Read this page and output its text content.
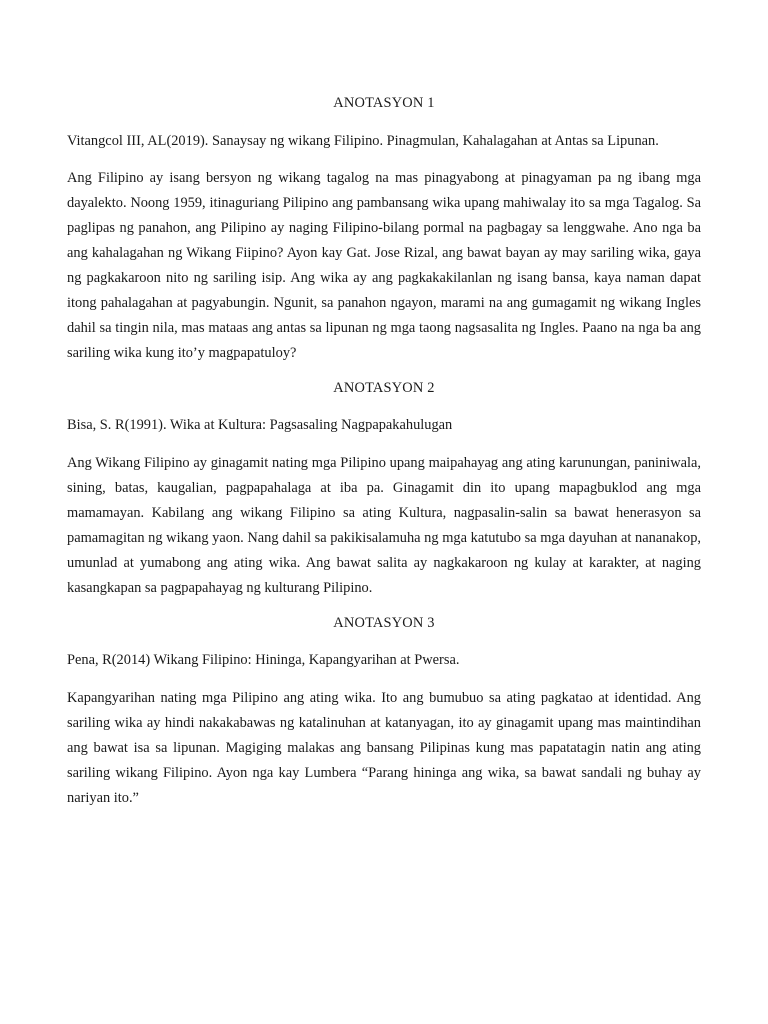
ANOTASYON 1

Vitangcol III, AL(2019). Sanaysay ng wikang Filipino. Pinagmulan, Kahalagahan at Antas sa Lipunan.

Ang Filipino ay isang bersyon ng wikang tagalog na mas pinagyabong at pinagyaman pa ng ibang mga dayalekto. Noong 1959, itinaguriang Pilipino ang pambansang wika upang mahiwalay ito sa mga Tagalog. Sa paglipas ng panahon, ang Pilipino ay naging Filipino-bilang pormal na pagbagay sa lenggwahe. Ano nga ba ang kahalagahan ng Wikang Fiipino? Ayon kay Gat. Jose Rizal, ang bawat bayan ay may sariling wika, gaya ng pagkakaroon nito ng sariling isip. Ang wika ay ang pagkakakilanlan ng isang bansa, kaya naman dapat itong pahalagahan at pagyabungin. Ngunit, sa panahon ngayon, marami na ang gumagamit ng wikang Ingles dahil sa tingin nila, mas mataas ang antas sa lipunan ng mga taong nagsasalita ng Ingles. Paano na nga ba ang sariling wika kung ito’y magpapatuloy?

ANOTASYON 2

Bisa, S. R(1991). Wika at Kultura: Pagsasaling Nagpapakahulugan

Ang Wikang Filipino ay ginagamit nating mga Pilipino upang maipahayag ang ating karunungan, paniniwala, sining, batas, kaugalian, pagpapahalaga at iba pa. Ginagamit din ito upang mapagbuklod ang mga mamamayan. Kabilang ang wikang Filipino sa ating Kultura, nagpasalin-salin sa bawat henerasyon sa pamamagitan ng wikang yaon. Nang dahil sa pakikisalamuha ng mga katutubo sa mga dayuhan at nananakop, umunlad at yumabong ang ating wika. Ang bawat salita ay nagkakaroon ng kulay at karakter, at naging kasangkapan sa pagpapahayag ng kulturang Pilipino.

ANOTASYON 3

Pena, R(2014) Wikang Filipino: Hininga, Kapangyarihan at Pwersa.

Kapangyarihan nating mga Pilipino ang ating wika. Ito ang bumubuo sa ating pagkatao at identidad. Ang sariling wika ay hindi nakakabawas ng katalinuhan at katanyagan, ito ay ginagamit upang mas maintindihan ang bawat isa sa lipunan. Magiging malakas ang bansang Pilipinas kung mas papatatagin natin ang ating sariling wikang Filipino. Ayon nga kay Lumbera “Parang hininga ang wika, sa bawat sandali ng buhay ay nariyan ito.”
